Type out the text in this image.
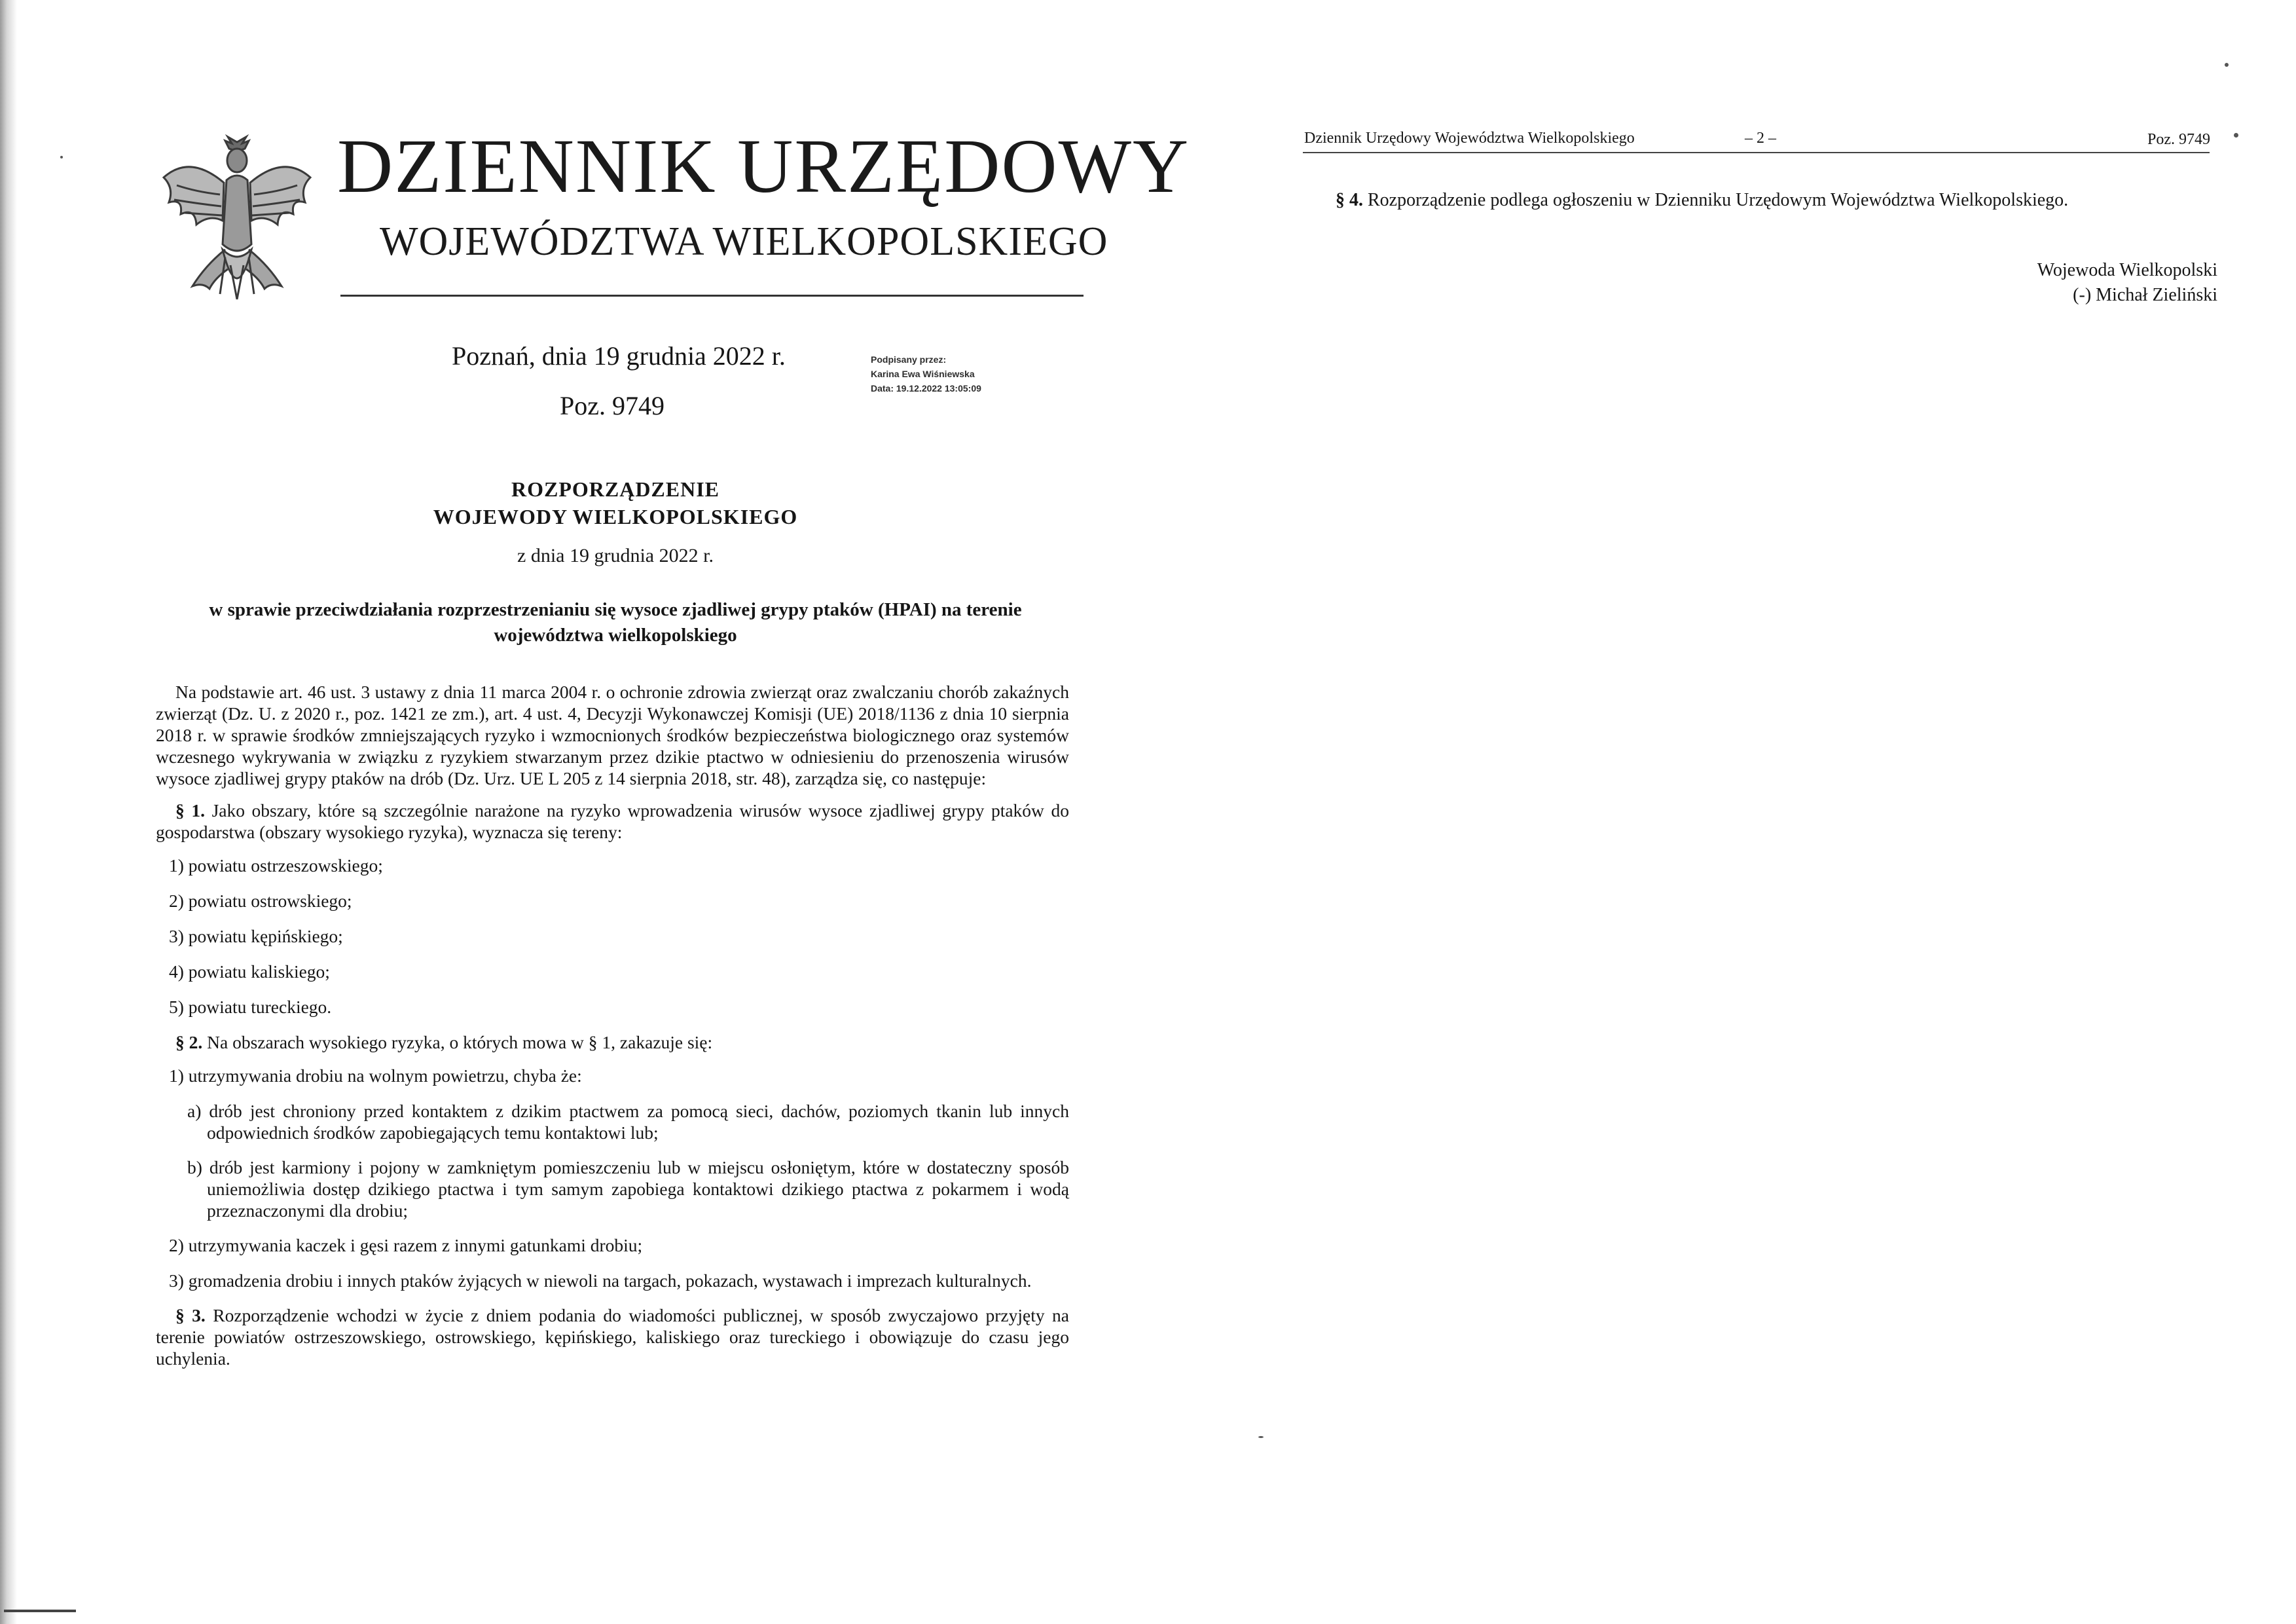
DZIENNIK URZĘDOWY
WOJEWÓDZTWA WIELKOPOLSKIEGO
Poznań, dnia 19 grudnia 2022 r.
Poz. 9749
Podpisany przez:
Karina Ewa Wiśniewska
Data: 19.12.2022 13:05:09
ROZPORZĄDZENIE
WOJEWODY WIELKOPOLSKIEGO
z dnia 19 grudnia 2022 r.
w sprawie przeciwdziałania rozprzestrzenianiu się wysoce zjadliwej grypy ptaków (HPAI) na terenie województwa wielkopolskiego

Na podstawie art. 46 ust. 3 ustawy z dnia 11 marca 2004 r. o ochronie zdrowia zwierząt oraz zwalczaniu chorób zakaźnych zwierząt (Dz. U. z 2020 r., poz. 1421 ze zm.), art. 4 ust. 4, Decyzji Wykonawczej Komisji (UE) 2018/1136 z dnia 10 sierpnia 2018 r. w sprawie środków zmniejszających ryzyko i wzmocnionych środków bezpieczeństwa biologicznego oraz systemów wczesnego wykrywania w związku z ryzykiem stwarzanym przez dzikie ptactwo w odniesieniu do przenoszenia wirusów wysoce zjadliwej grypy ptaków na drób (Dz. Urz. UE L 205 z 14 sierpnia 2018, str. 48), zarządza się, co następuje:

§ 1. Jako obszary, które są szczególnie narażone na ryzyko wprowadzenia wirusów wysoce zjadliwej grypy ptaków do gospodarstwa (obszary wysokiego ryzyka), wyznacza się tereny:

1) powiatu ostrzeszowskiego;

2) powiatu ostrowskiego;

3) powiatu kępińskiego;

4) powiatu kaliskiego;

5) powiatu tureckiego.

§ 2. Na obszarach wysokiego ryzyka, o których mowa w § 1, zakazuje się:

1) utrzymywania drobiu na wolnym powietrzu, chyba że:

a) drób jest chroniony przed kontaktem z dzikim ptactwem za pomocą sieci, dachów, poziomych tkanin lub innych odpowiednich środków zapobiegających temu kontaktowi lub;

b) drób jest karmiony i pojony w zamkniętym pomieszczeniu lub w miejscu osłoniętym, które w dostateczny sposób uniemożliwia dostęp dzikiego ptactwa i tym samym zapobiega kontaktowi dzikiego ptactwa z pokarmem i wodą przeznaczonymi dla drobiu;

2) utrzymywania kaczek i gęsi razem z innymi gatunkami drobiu;

3) gromadzenia drobiu i innych ptaków żyjących w niewoli na targach, pokazach, wystawach i imprezach kulturalnych.

§ 3. Rozporządzenie wchodzi w życie z dniem podania do wiadomości publicznej, w sposób zwyczajowo przyjęty na terenie powiatów ostrzeszowskiego, ostrowskiego, kępińskiego, kaliskiego oraz tureckiego i obowiązuje do czasu jego uchylenia.

Dziennik Urzędowy Województwa Wielkopolskiego	– 2 –	Poz. 9749
§ 4. Rozporządzenie podlega ogłoszeniu w Dzienniku Urzędowym Województwa Wielkopolskiego.
Wojewoda Wielkopolski
(-) Michał Zieliński
